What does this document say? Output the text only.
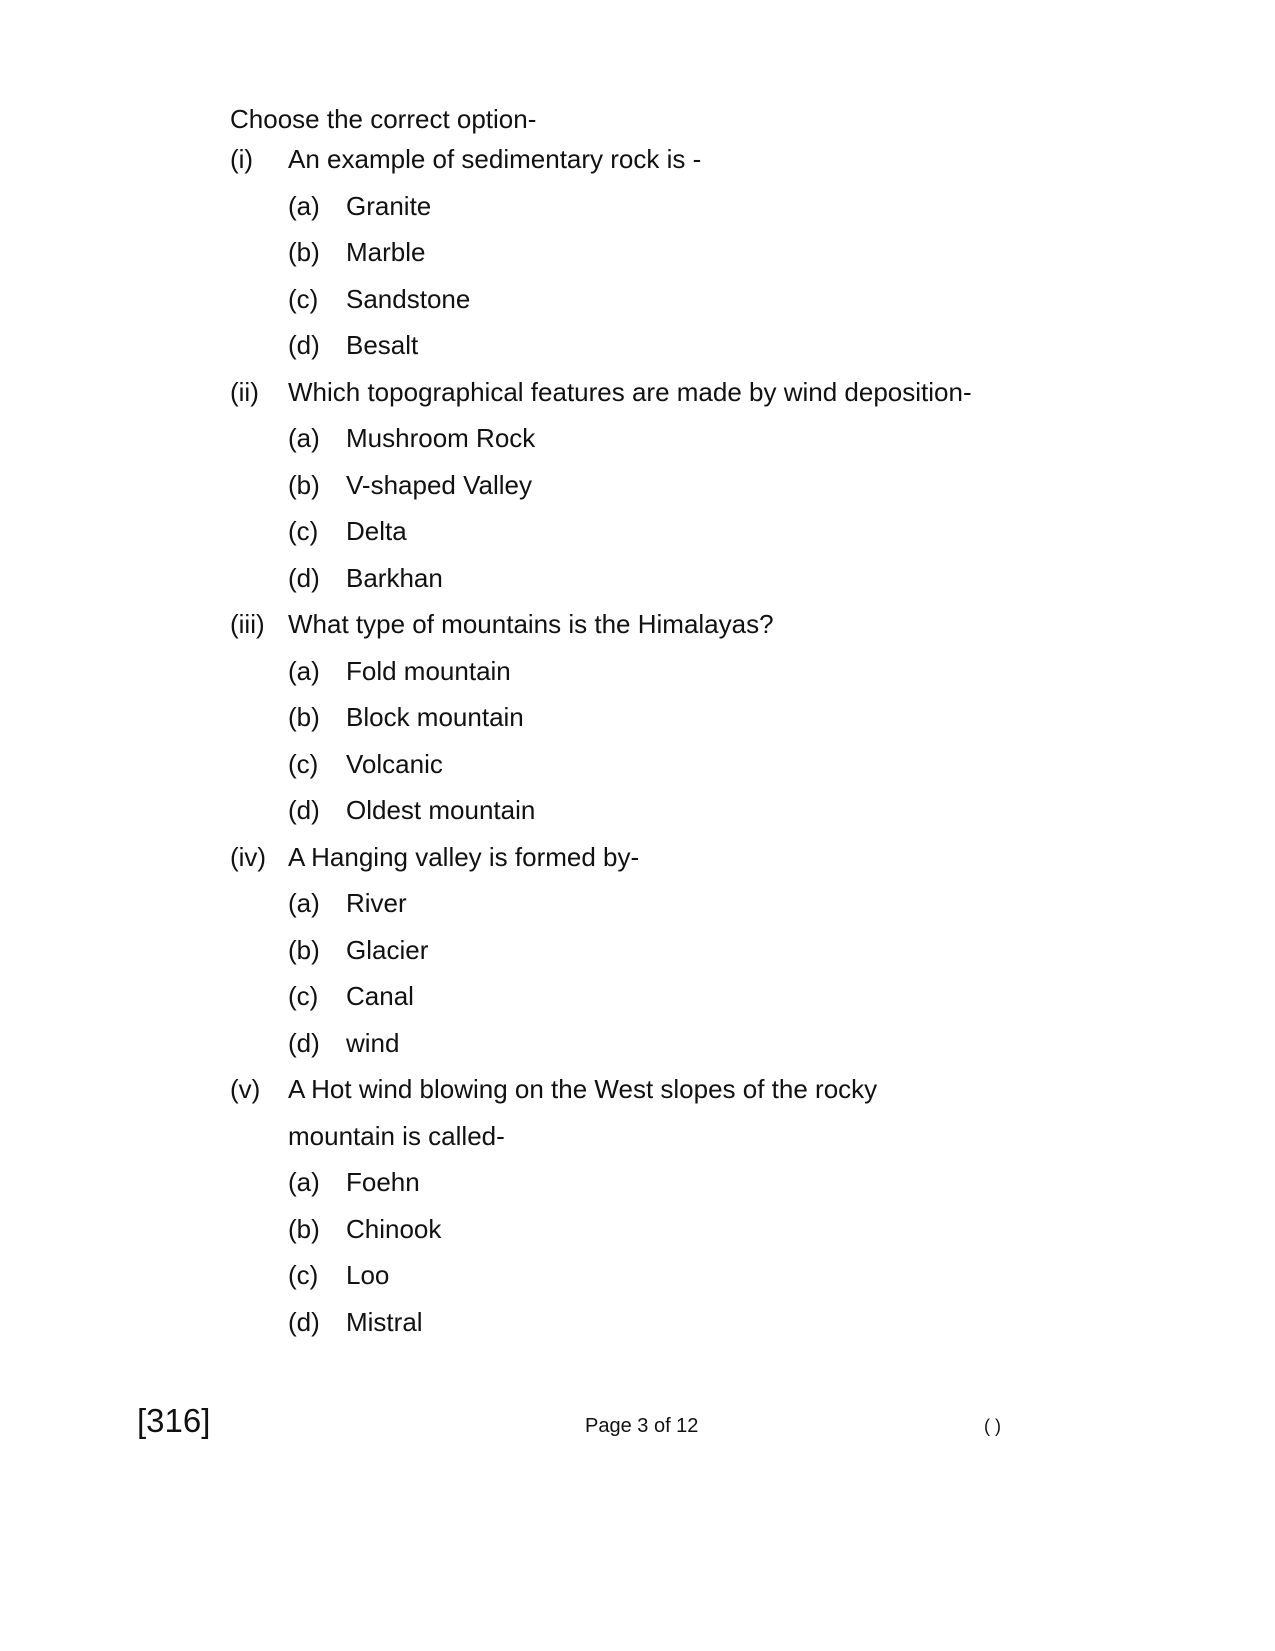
Choose the correct option-
(i)	An example of sedimentary rock is -
(a)	Granite
(b)	Marble
(c)	Sandstone
(d)	Besalt
(ii)	Which topographical features are made by wind deposition-
(a)	Mushroom Rock
(b)	V-shaped Valley
(c)	Delta
(d)	Barkhan
(iii) What type of mountains is the Himalayas?
(a)	Fold mountain
(b)	Block mountain
(c)	Volcanic
(d)	Oldest mountain
(iv) A Hanging valley is formed by-
(a)	River
(b)	Glacier
(c)	Canal
(d)	wind
(v)	A Hot wind blowing on the West slopes of the rocky
mountain is called-
(a)	Foehn
(b)	Chinook
(c)	Loo
(d)	Mistral
[316]	Page 3 of 12	( )
